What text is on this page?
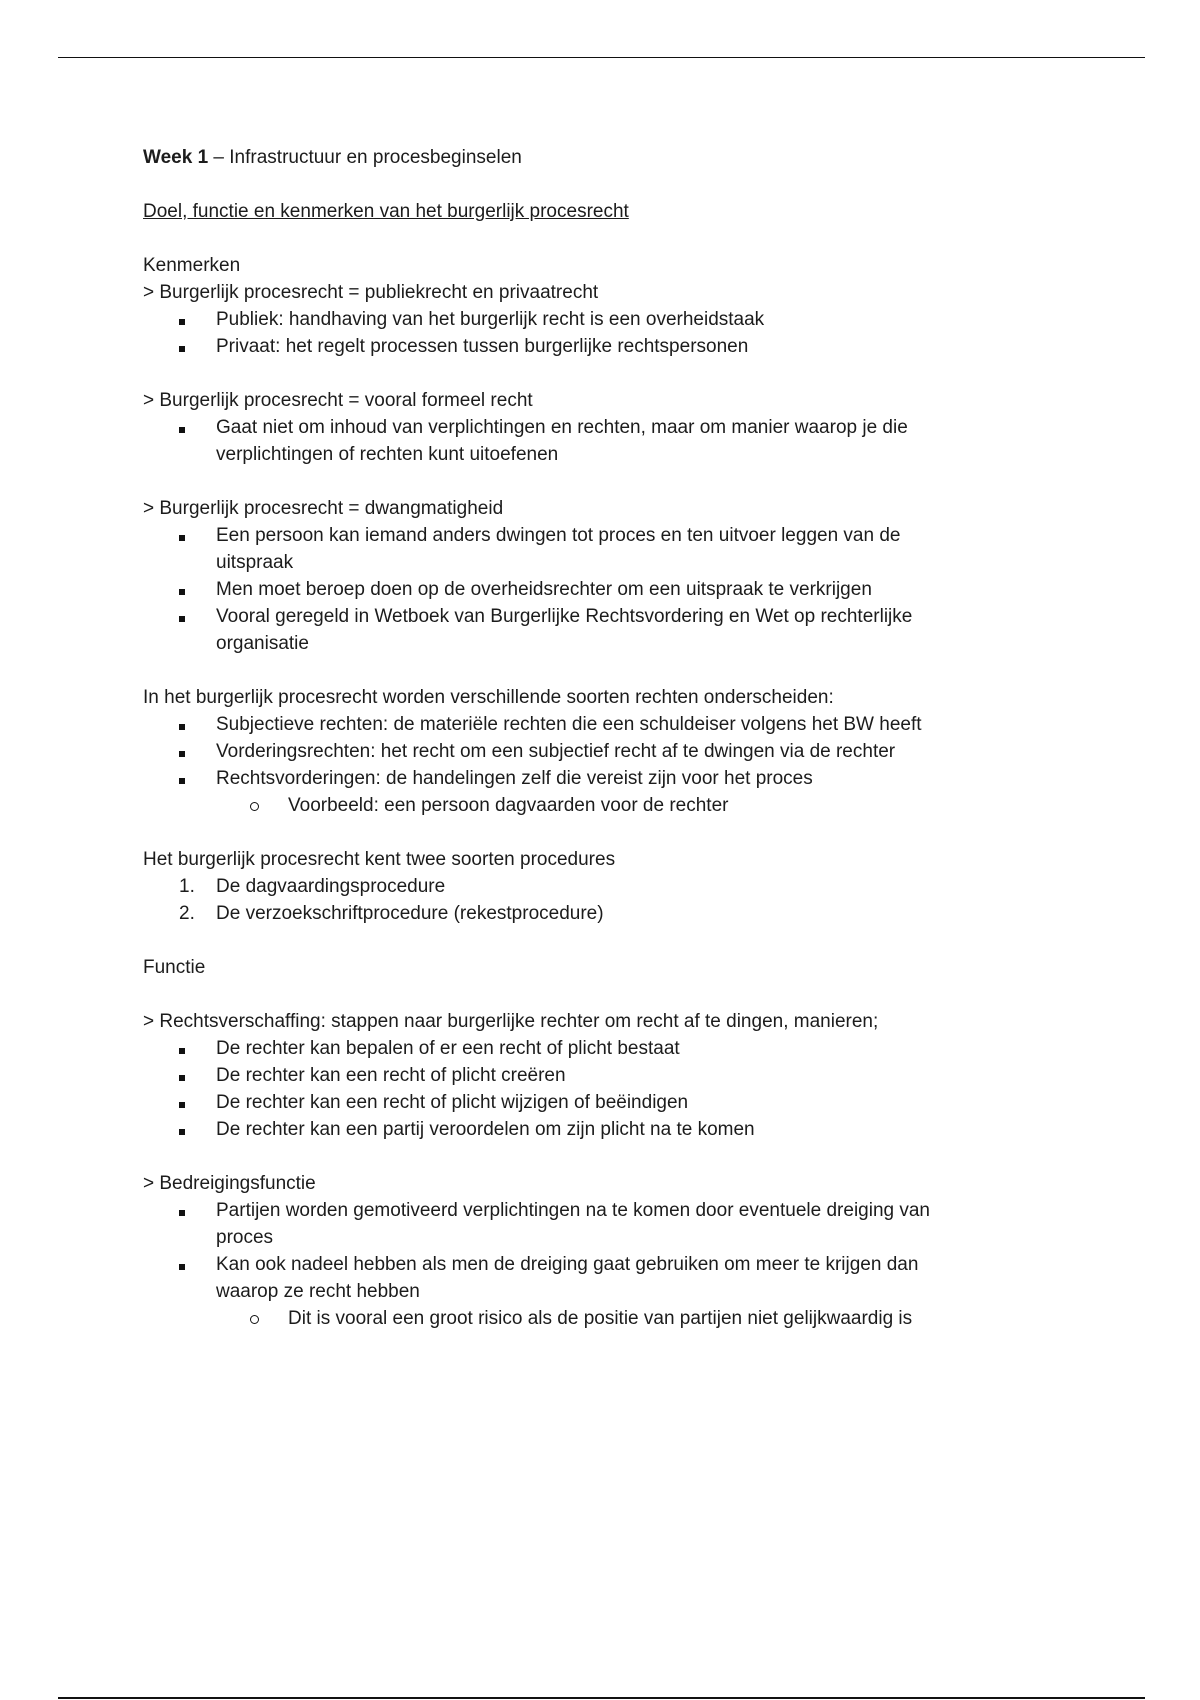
Week 1 – Infrastructuur en procesbeginselen

Doel, functie en kenmerken van het burgerlijk procesrecht

Kenmerken

> Burgerlijk procesrecht = publiekrecht en privaatrecht

Publiek: handhaving van het burgerlijk recht is een overheidstaak
Privaat: het regelt processen tussen burgerlijke rechtspersonen

> Burgerlijk procesrecht = vooral formeel recht

Gaat niet om inhoud van verplichtingen en rechten, maar om manier waarop je die
verplichtingen of rechten kunt uitoefenen

> Burgerlijk procesrecht = dwangmatigheid

Een persoon kan iemand anders dwingen tot proces en ten uitvoer leggen van de
uitspraak
Men moet beroep doen op de overheidsrechter om een uitspraak te verkrijgen
Vooral geregeld in Wetboek van Burgerlijke Rechtsvordering en Wet op rechterlijke
organisatie

In het burgerlijk procesrecht worden verschillende soorten rechten onderscheiden:

Subjectieve rechten: de materiële rechten die een schuldeiser volgens het BW heeft
Vorderingsrechten: het recht om een subjectief recht af te dwingen via de rechter
Rechtsvorderingen: de handelingen zelf die vereist zijn voor het proces
Voorbeeld: een persoon dagvaarden voor de rechter

Het burgerlijk procesrecht kent twee soorten procedures

1.	De dagvaardingsprocedure
2.	De verzoekschriftprocedure (rekestprocedure)

Functie

> Rechtsverschaffing: stappen naar burgerlijke rechter om recht af te dingen, manieren;

De rechter kan bepalen of er een recht of plicht bestaat
De rechter kan een recht of plicht creëren
De rechter kan een recht of plicht wijzigen of beëindigen
De rechter kan een partij veroordelen om zijn plicht na te komen

> Bedreigingsfunctie

Partijen worden gemotiveerd verplichtingen na te komen door eventuele dreiging van
proces
Kan ook nadeel hebben als men de dreiging gaat gebruiken om meer te krijgen dan
waarop ze recht hebben
Dit is vooral een groot risico als de positie van partijen niet gelijkwaardig is
